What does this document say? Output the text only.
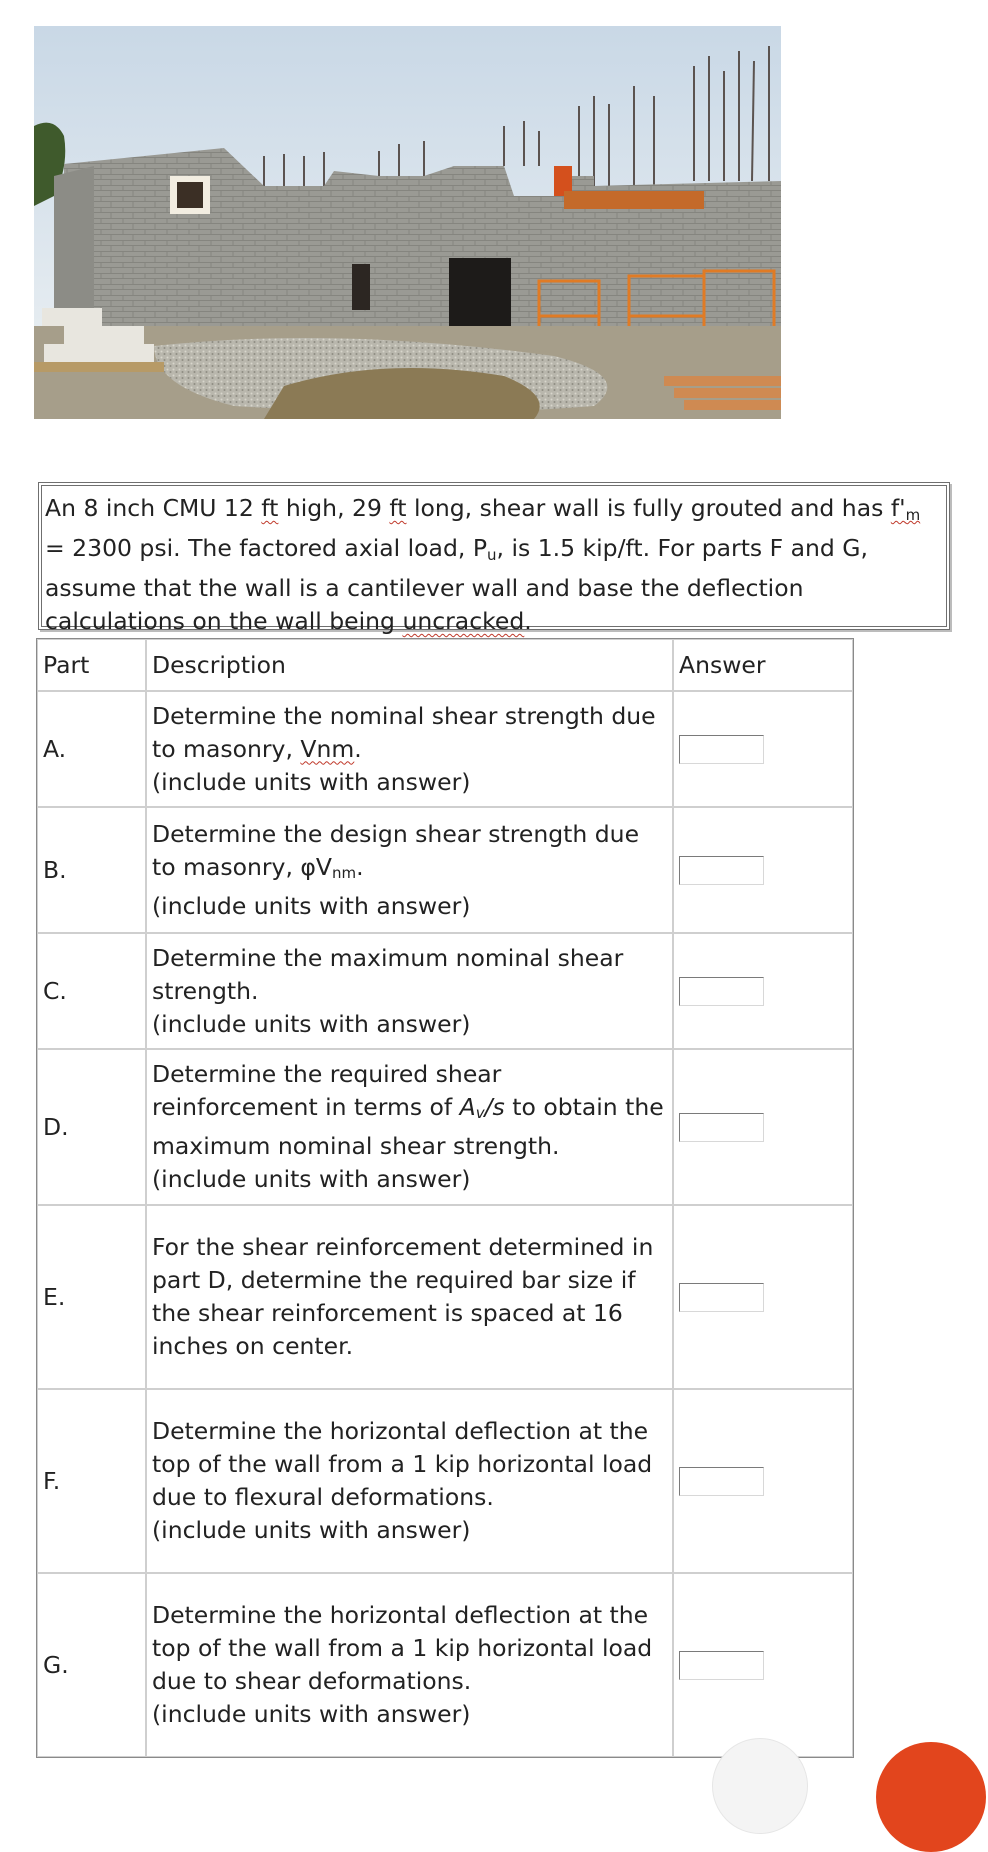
An 8 inch CMU 12 ft high, 29 ft long, shear wall is fully grouted and has $f'_m = 2300$ psi. The factored axial load, $P_u$, is 1.5 kip/ft. For parts F and G, assume that the wall is a cantilever wall and base the deflection calculations on the wall being uncracked.

Part	Description	Answer
A.	Determine the nominal shear strength due to masonry, Vnm.
(include units with answer)	

B.	Determine the design shear strength due to masonry, φVnm.
(include units with answer)	

C.	Determine the maximum nominal shear strength.
(include units with answer)	

D.	Determine the required shear reinforcement in terms of Av/s to obtain the maximum nominal shear strength.
(include units with answer)	

E.	For the shear reinforcement determined in part D, determine the required bar size if the shear reinforcement is spaced at 16 inches on center.	

F.	Determine the horizontal deflection at the top of the wall from a 1 kip horizontal load due to flexural deformations.
(include units with answer)	

G.	Determine the horizontal deflection at the top of the wall from a 1 kip horizontal load due to shear deformations.
(include units with answer)	
